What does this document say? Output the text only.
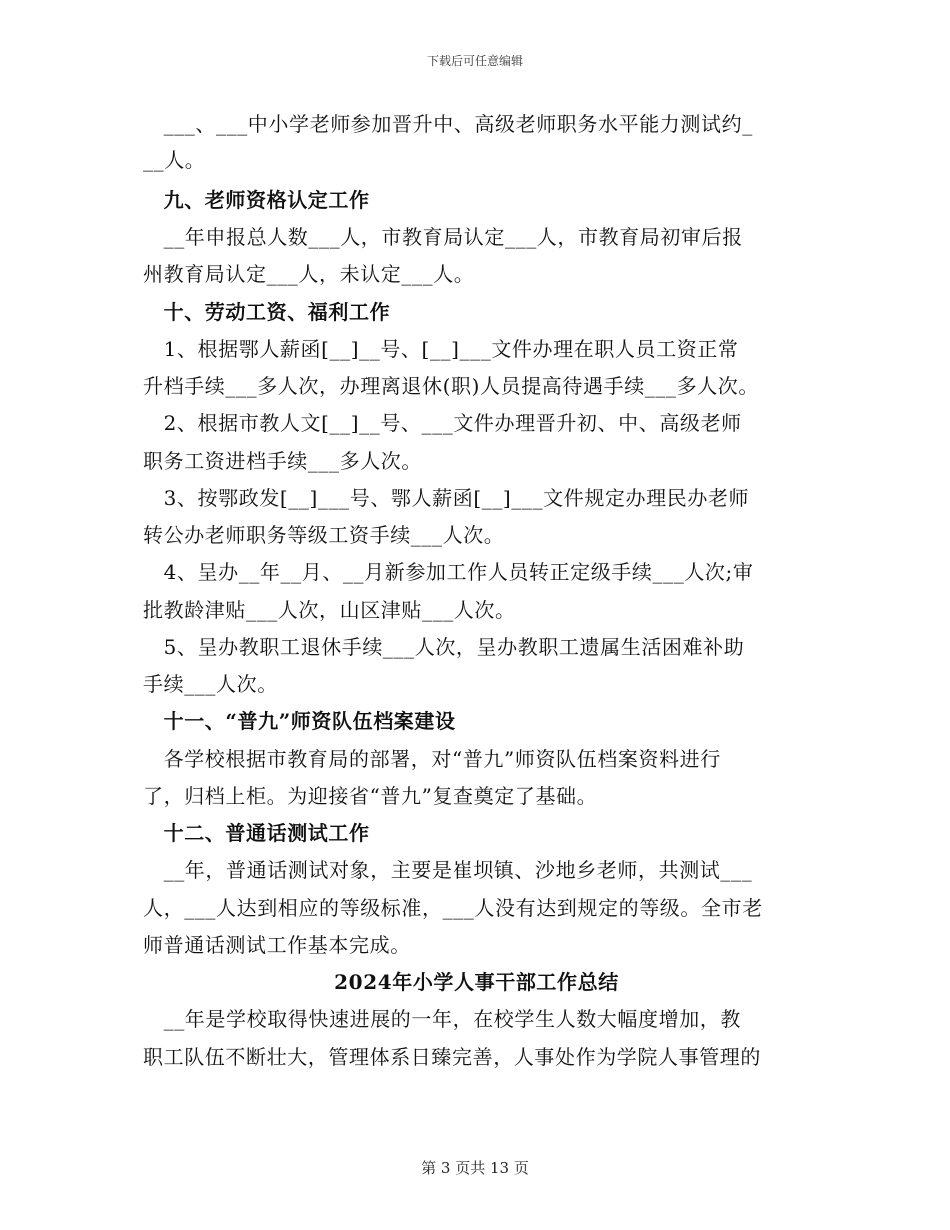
下载后可任意编辑
　___、___中小学老师参加晋升中、高级老师职务水平能力测试约_
__人。
　九、老师资格认定工作
　__年申报总人数___人，市教育局认定___人，市教育局初审后报
州教育局认定___人，未认定___人。
　十、劳动工资、福利工作
　1、根据鄂人薪函[__]__号、[__]___文件办理在职人员工资正常
升档手续___多人次，办理离退休(职)人员提高待遇手续___多人次。
　2、根据市教人文[__]__号、___文件办理晋升初、中、高级老师
职务工资进档手续___多人次。
　3、按鄂政发[__]___号、鄂人薪函[__]___文件规定办理民办老师
转公办老师职务等级工资手续___人次。
　4、呈办__年__月、__月新参加工作人员转正定级手续___人次;审
批教龄津贴___人次，山区津贴___人次。
　5、呈办教职工退休手续___人次，呈办教职工遗属生活困难补助
手续___人次。
　十一、“普九”师资队伍档案建设
　各学校根据市教育局的部署，对“普九”师资队伍档案资料进行
了，归档上柜。为迎接省“普九”复查奠定了基础。
　十二、普通话测试工作
　__年，普通话测试对象，主要是崔坝镇、沙地乡老师，共测试___
人，___人达到相应的等级标准，___人没有达到规定的等级。全市老
师普通话测试工作基本完成。
2024年小学人事干部工作总结
　__年是学校取得快速进展的一年，在校学生人数大幅度增加，教
职工队伍不断壮大，管理体系日臻完善，人事处作为学院人事管理的
第 3 页共 13 页
